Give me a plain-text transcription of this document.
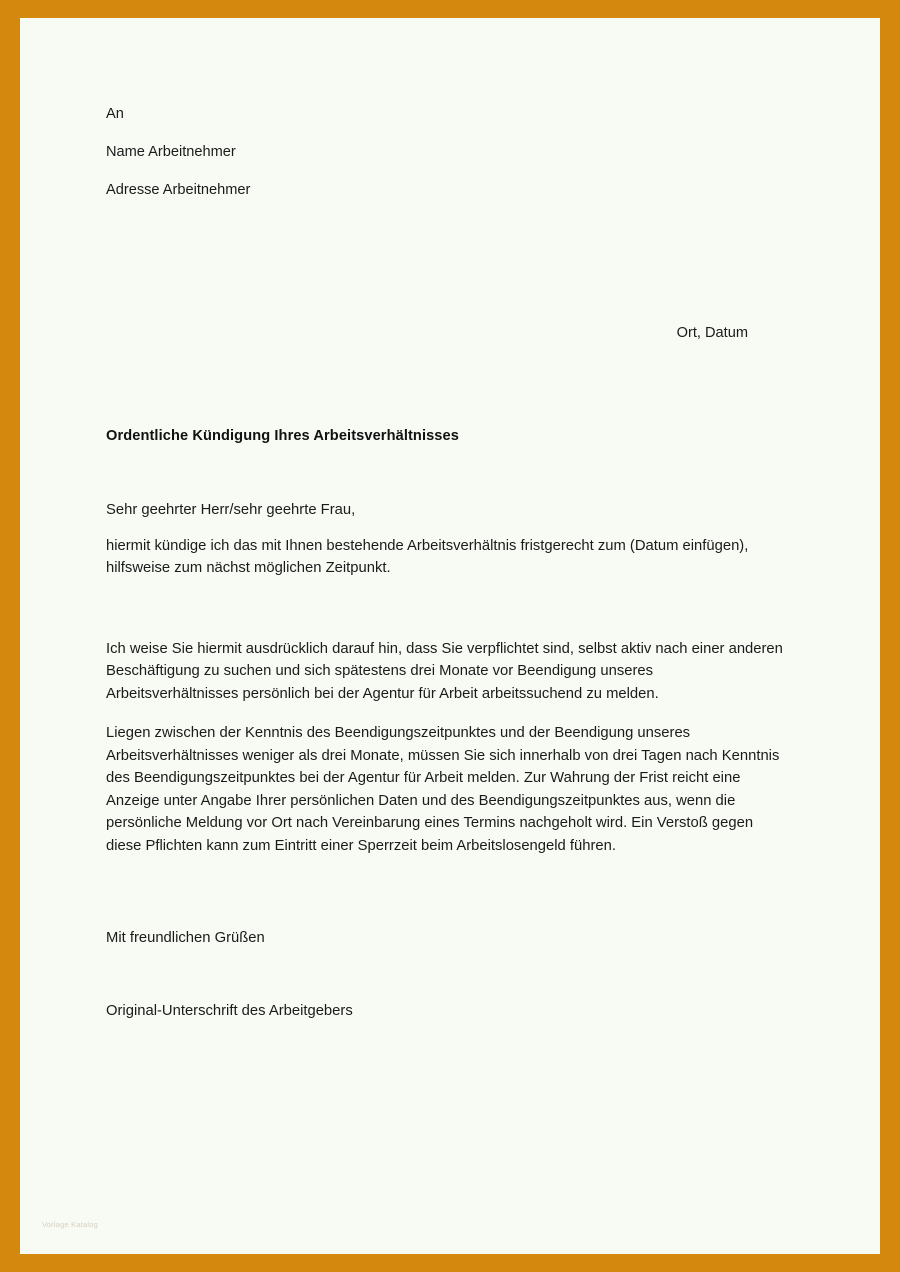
An

Name Arbeitnehmer

Adresse Arbeitnehmer

Ort, Datum
Ordentliche Kündigung Ihres Arbeitsverhältnisses
Sehr geehrter Herr/sehr geehrte Frau,
hiermit kündige ich das mit Ihnen bestehende Arbeitsverhältnis fristgerecht zum (Datum einfügen), hilfsweise zum nächst möglichen Zeitpunkt.
Ich weise Sie hiermit ausdrücklich darauf hin, dass Sie verpflichtet sind, selbst aktiv nach einer anderen Beschäftigung zu suchen und sich spätestens drei Monate vor Beendigung unseres Arbeitsverhältnisses persönlich bei der Agentur für Arbeit arbeitssuchend zu melden.
Liegen zwischen der Kenntnis des Beendigungszeitpunktes und der Beendigung unseres Arbeitsverhältnisses weniger als drei Monate, müssen Sie sich innerhalb von drei Tagen nach Kenntnis des Beendigungszeitpunktes bei der Agentur für Arbeit melden. Zur Wahrung der Frist reicht eine Anzeige unter Angabe Ihrer persönlichen Daten und des Beendigungszeitpunktes aus, wenn die persönliche Meldung vor Ort nach Vereinbarung eines Termins nachgeholt wird. Ein Verstoß gegen diese Pflichten kann zum Eintritt einer Sperrzeit beim Arbeitslosengeld führen.
Mit freundlichen Grüßen
Original-Unterschrift des Arbeitgebers
Vorlage Katalog
